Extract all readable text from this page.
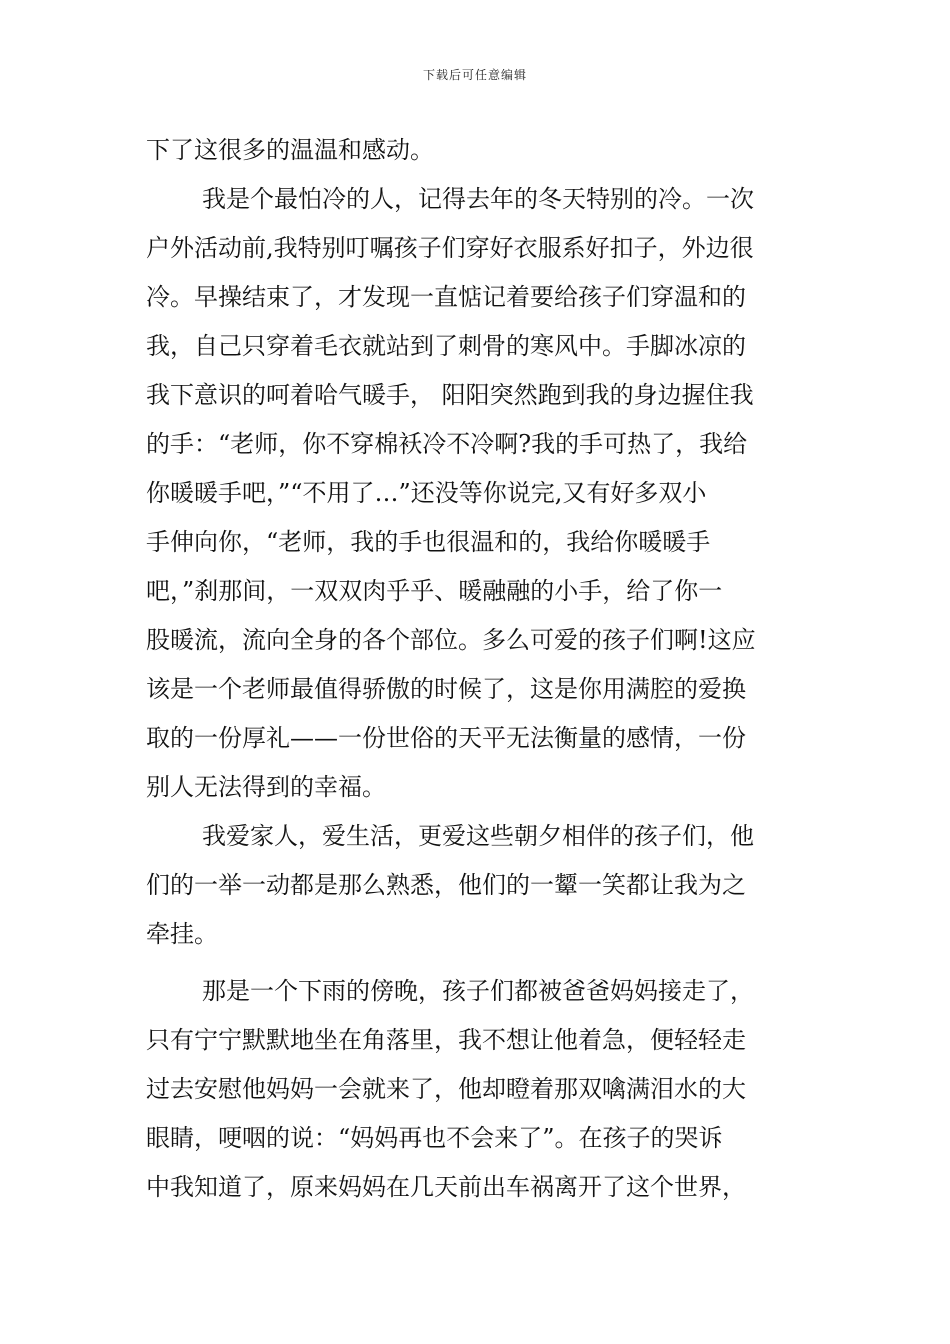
下载后可任意编辑
下了这很多的温温和感动。
我是个最怕冷的人，记得去年的冬天特别的冷。一次
户外活动前,我特别叮嘱孩子们穿好衣服系好扣子，外边很
冷。早操结束了，才发现一直惦记着要给孩子们穿温和的
我，自己只穿着毛衣就站到了刺骨的寒风中。手脚冰凉的
我下意识的呵着哈气暖手， 阳阳突然跑到我的身边握住我
的手：“老师，你不穿棉袄冷不冷啊?我的手可热了，我给
你暖暖手吧，”“不用了…”还没等你说完,又有好多双小
手伸向你，“老师，我的手也很温和的，我给你暖暖手
吧，”刹那间，一双双肉乎乎、暖融融的小手，给了你一
股暖流，流向全身的各个部位。多么可爱的孩子们啊!这应
该是一个老师最值得骄傲的时候了，这是你用满腔的爱换
取的一份厚礼——一份世俗的天平无法衡量的感情，一份
别人无法得到的幸福。
我爱家人，爱生活，更爱这些朝夕相伴的孩子们，他
们的一举一动都是那么熟悉，他们的一颦一笑都让我为之
牵挂。
那是一个下雨的傍晚，孩子们都被爸爸妈妈接走了，
只有宁宁默默地坐在角落里，我不想让他着急，便轻轻走
过去安慰他妈妈一会就来了，他却瞪着那双噙满泪水的大
眼睛，哽咽的说：“妈妈再也不会来了”。在孩子的哭诉
中我知道了，原来妈妈在几天前出车祸离开了这个世界，
